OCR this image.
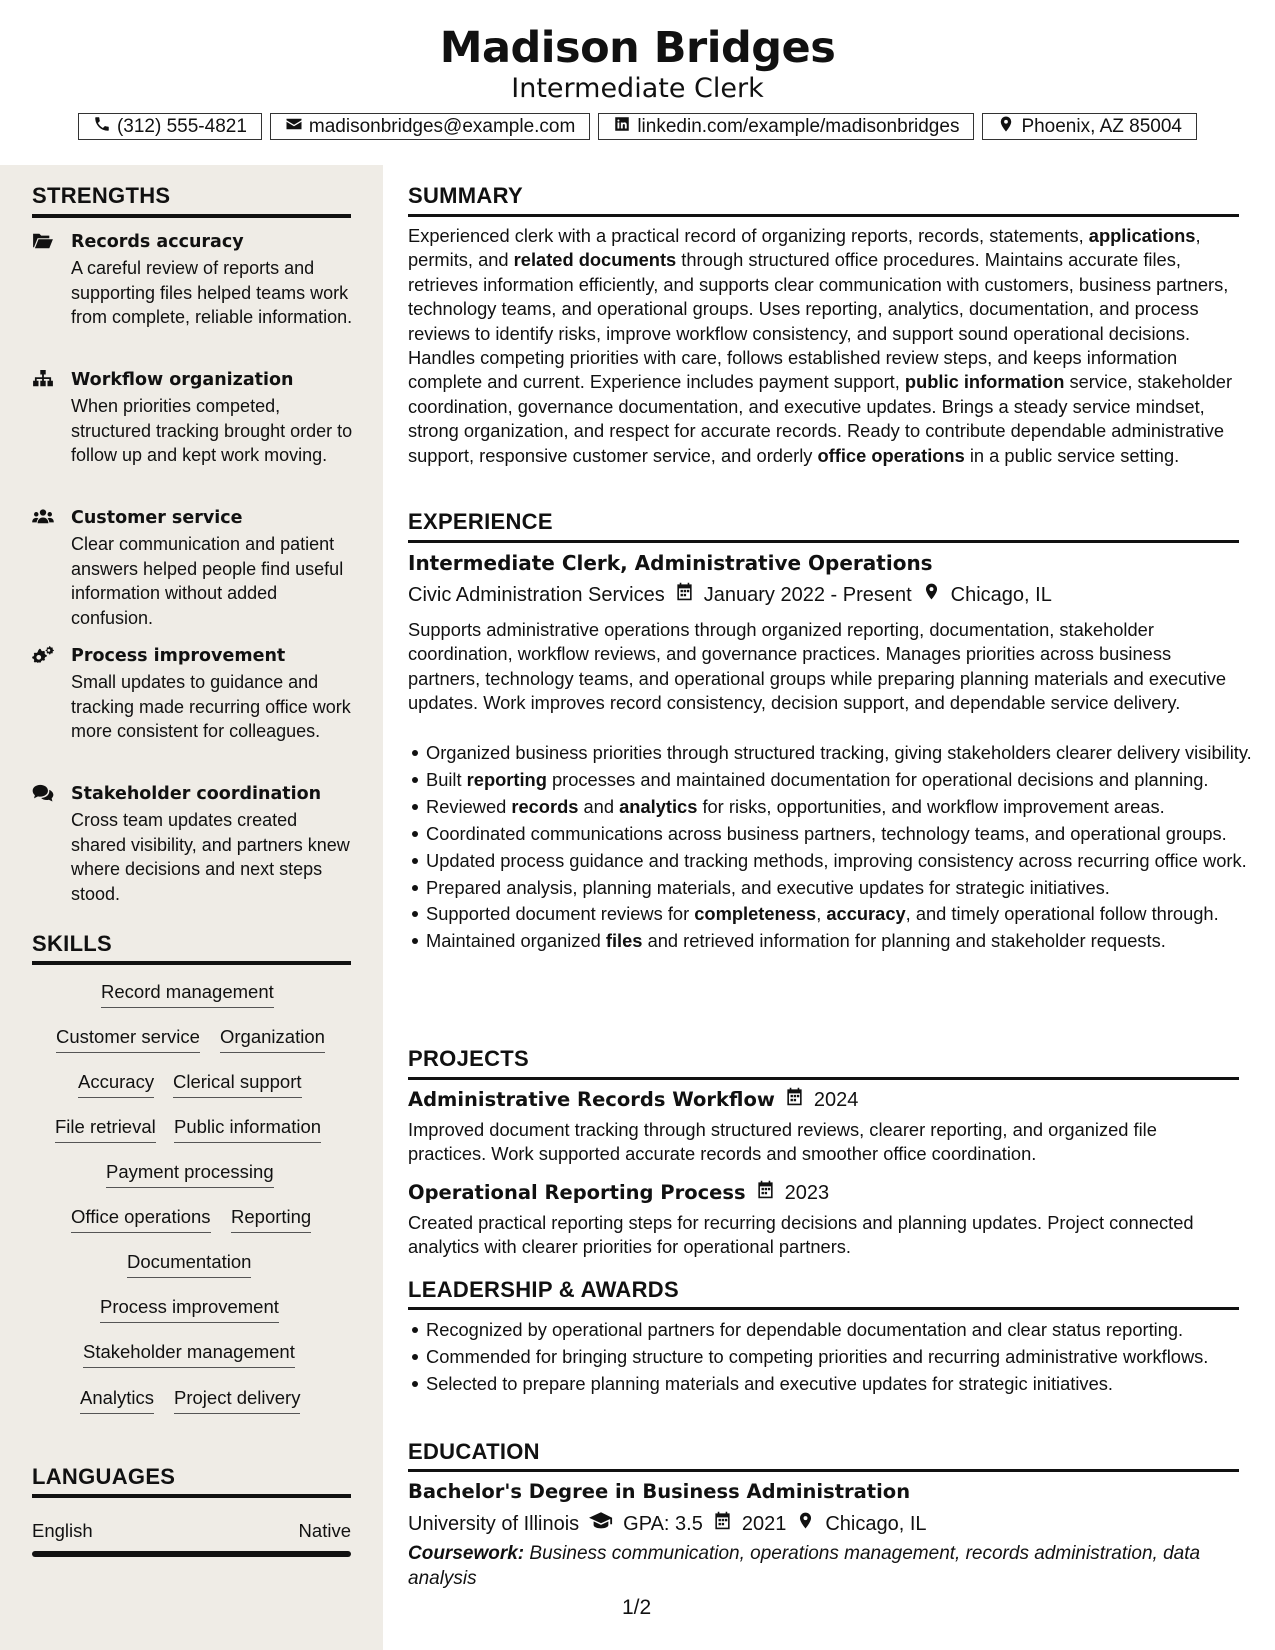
Madison Bridges
Intermediate Clerk
(312) 555-4821	madisonbridges@example.com	linkedin.com/example/madisonbridges	Phoenix, AZ 85004
STRENGTHS
Records accuracy
A careful review of reports and supporting files helped teams work from complete, reliable information.
Workflow organization
When priorities competed, structured tracking brought order to follow up and kept work moving.
Customer service
Clear communication and patient answers helped people find useful information without added confusion.
Process improvement
Small updates to guidance and tracking made recurring office work more consistent for colleagues.
Stakeholder coordination
Cross team updates created shared visibility, and partners knew where decisions and next steps stood.
SKILLS
Record management
Customer service Organization
Accuracy Clerical support
File retrieval Public information
Payment processing
Office operations Reporting
Documentation
Process improvement
Stakeholder management
Analytics Project delivery
LANGUAGES
English	Native
SUMMARY
Experienced clerk with a practical record of organizing reports, records, statements, applications, permits, and related documents through structured office procedures. Maintains accurate files, retrieves information efficiently, and supports clear communication with customers, business partners, technology teams, and operational groups. Uses reporting, analytics, documentation, and process reviews to identify risks, improve workflow consistency, and support sound operational decisions. Handles competing priorities with care, follows established review steps, and keeps information complete and current. Experience includes payment support, public information service, stakeholder coordination, governance documentation, and executive updates. Brings a steady service mindset, strong organization, and respect for accurate records. Ready to contribute dependable administrative support, responsive customer service, and orderly office operations in a public service setting.
EXPERIENCE
Intermediate Clerk, Administrative Operations
Civic Administration Services January 2022 - Present Chicago, IL
Supports administrative operations through organized reporting, documentation, stakeholder coordination, workflow reviews, and governance practices. Manages priorities across business partners, technology teams, and operational groups while preparing planning materials and executive updates. Work improves record consistency, decision support, and dependable service delivery.
Organized business priorities through structured tracking, giving stakeholders clearer delivery visibility.
Built reporting processes and maintained documentation for operational decisions and planning.
Reviewed records and analytics for risks, opportunities, and workflow improvement areas.
Coordinated communications across business partners, technology teams, and operational groups.
Updated process guidance and tracking methods, improving consistency across recurring office work.
Prepared analysis, planning materials, and executive updates for strategic initiatives.
Supported document reviews for completeness, accuracy, and timely operational follow through.
Maintained organized files and retrieved information for planning and stakeholder requests.
PROJECTS
Administrative Records Workflow 2024
Improved document tracking through structured reviews, clearer reporting, and organized file practices. Work supported accurate records and smoother office coordination.
Operational Reporting Process 2023
Created practical reporting steps for recurring decisions and planning updates. Project connected analytics with clearer priorities for operational partners.
LEADERSHIP & AWARDS
Recognized by operational partners for dependable documentation and clear status reporting.
Commended for bringing structure to competing priorities and recurring administrative workflows.
Selected to prepare planning materials and executive updates for strategic initiatives.
EDUCATION
Bachelor's Degree in Business Administration
University of Illinois GPA: 3.5 2021 Chicago, IL
Coursework: Business communication, operations management, records administration, data analysis
1/2
